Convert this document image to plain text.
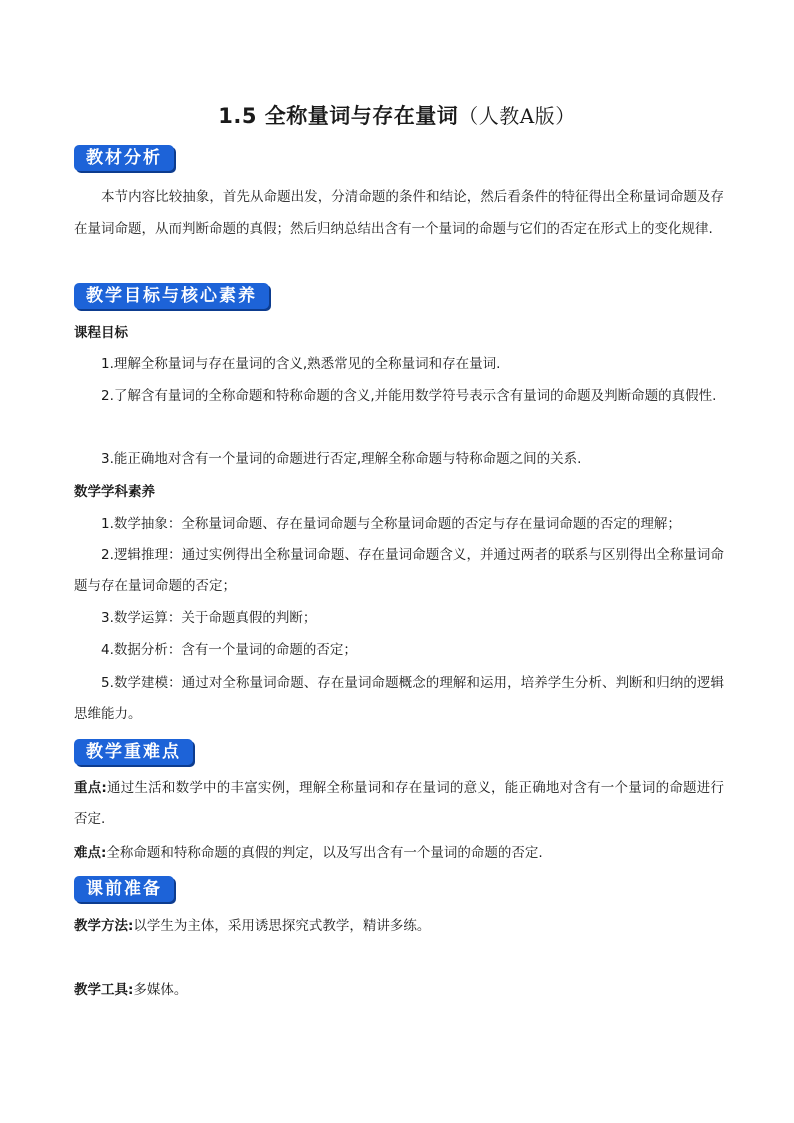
1.5 全称量词与存在量词（人教A版）
教材分析

本节内容比较抽象，首先从命题出发，分清命题的条件和结论，然后看条件的特征得出全称量词命题及存在量词命题，从而判断命题的真假；然后归纳总结出含有一个量词的命题与它们的否定在形式上的变化规律.

教学目标与核心素养

课程目标

1.理解全称量词与存在量词的含义,熟悉常见的全称量词和存在量词.

2.了解含有量词的全称命题和特称命题的含义,并能用数学符号表示含有量词的命题及判断命题的真假性.

3.能正确地对含有一个量词的命题进行否定,理解全称命题与特称命题之间的关系.

数学学科素养

1.数学抽象：全称量词命题、存在量词命题与全称量词命题的否定与存在量词命题的否定的理解；

2.逻辑推理：通过实例得出全称量词命题、存在量词命题含义，并通过两者的联系与区别得出全称量词命题与存在量词命题的否定；

3.数学运算：关于命题真假的判断；

4.数据分析：含有一个量词的命题的否定；

5.数学建模：通过对全称量词命题、存在量词命题概念的理解和运用，培养学生分析、判断和归纳的逻辑思维能力。

教学重难点

重点:通过生活和数学中的丰富实例，理解全称量词和存在量词的意义，能正确地对含有一个量词的命题进行否定.

难点:全称命题和特称命题的真假的判定，以及写出含有一个量词的命题的否定.

课前准备

教学方法:以学生为主体，采用诱思探究式教学，精讲多练。

教学工具:多媒体。
